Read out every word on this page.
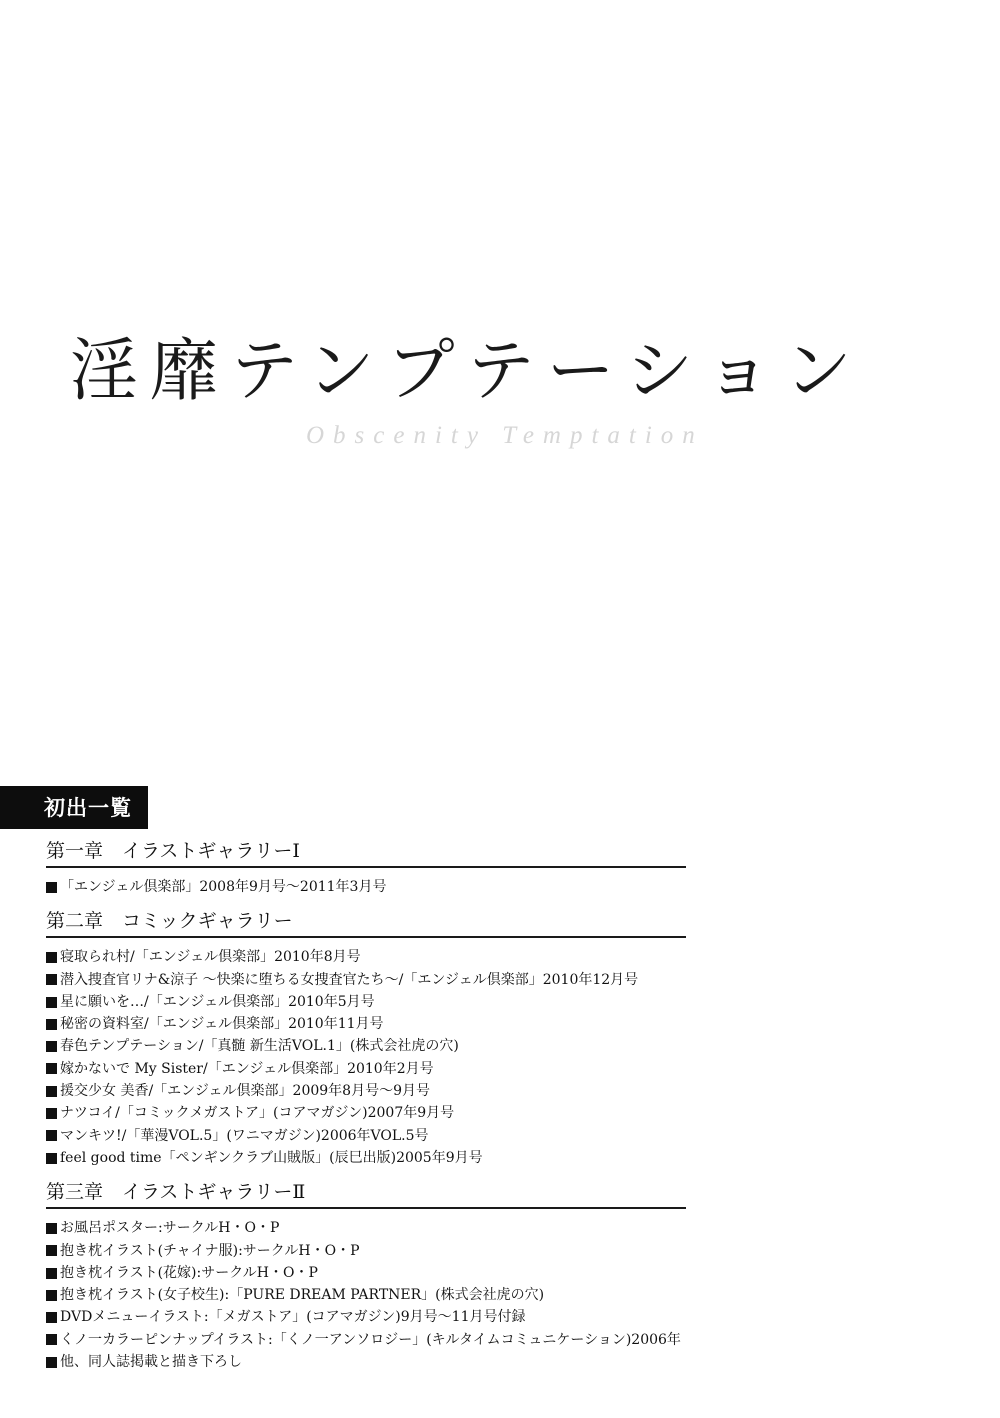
淫靡テンプテーション
Obscenity Temptation
初出一覧
第一章　イラストギャラリーⅠ
「エンジェル倶楽部」2008年9月号～2011年3月号
第二章　コミックギャラリー
寝取られ村/「エンジェル倶楽部」2010年8月号
潜入捜査官リナ&涼子 ～快楽に堕ちる女捜査官たち～/「エンジェル倶楽部」2010年12月号
星に願いを…/「エンジェル倶楽部」2010年5月号
秘密の資料室/「エンジェル倶楽部」2010年11月号
春色テンプテーション/「真髄 新生活VOL.1」(株式会社虎の穴)
嫁かないで My Sister/「エンジェル倶楽部」2010年2月号
援交少女 美香/「エンジェル倶楽部」2009年8月号～9月号
ナツコイ/「コミックメガストア」(コアマガジン)2007年9月号
マンキツ!/「華漫VOL.5」(ワニマガジン)2006年VOL.5号
feel good time「ペンギンクラブ山賊版」(辰巳出版)2005年9月号
第三章　イラストギャラリーⅡ
お風呂ポスター:サークルH・O・P
抱き枕イラスト(チャイナ服):サークルH・O・P
抱き枕イラスト(花嫁):サークルH・O・P
抱き枕イラスト(女子校生):「PURE DREAM PARTNER」(株式会社虎の穴)
DVDメニューイラスト:「メガストア」(コアマガジン)9月号～11月号付録
くノ一カラーピンナップイラスト:「くノ一アンソロジー」(キルタイムコミュニケーション)2006年
他、同人誌掲載と描き下ろし
